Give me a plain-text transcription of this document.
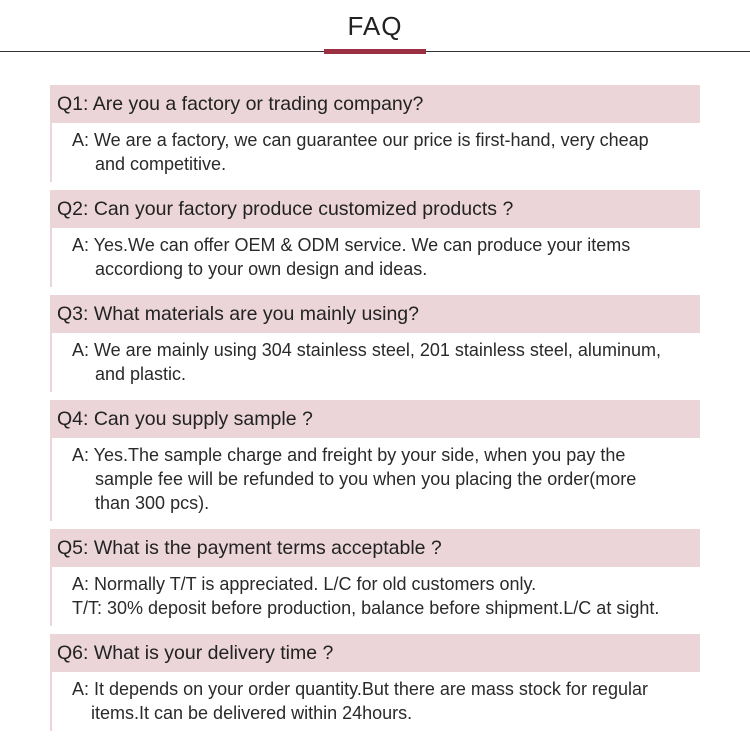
FAQ
Q1: Are you a factory or trading company?
A: We are a factory, we can guarantee our price is first-hand, very cheap
and competitive.
Q2: Can your factory produce customized products ?
A: Yes.We can offer OEM & ODM service. We can produce your items
accordiong to your own design and ideas.
Q3: What materials are you mainly using?
A: We are mainly using 304 stainless steel, 201 stainless steel, aluminum,
and plastic.
Q4: Can you supply sample ?
A: Yes.The sample charge and freight by your side, when you pay the
sample fee will be refunded to you when you placing the order(more
than 300 pcs).
Q5: What is the payment terms acceptable ?
A: Normally T/T is appreciated. L/C for old customers only.
T/T: 30% deposit before production, balance before shipment.L/C at sight.
Q6: What is your delivery time ?
A: It depends on your order quantity.But there are mass stock for regular
items.It can be delivered within 24hours.
